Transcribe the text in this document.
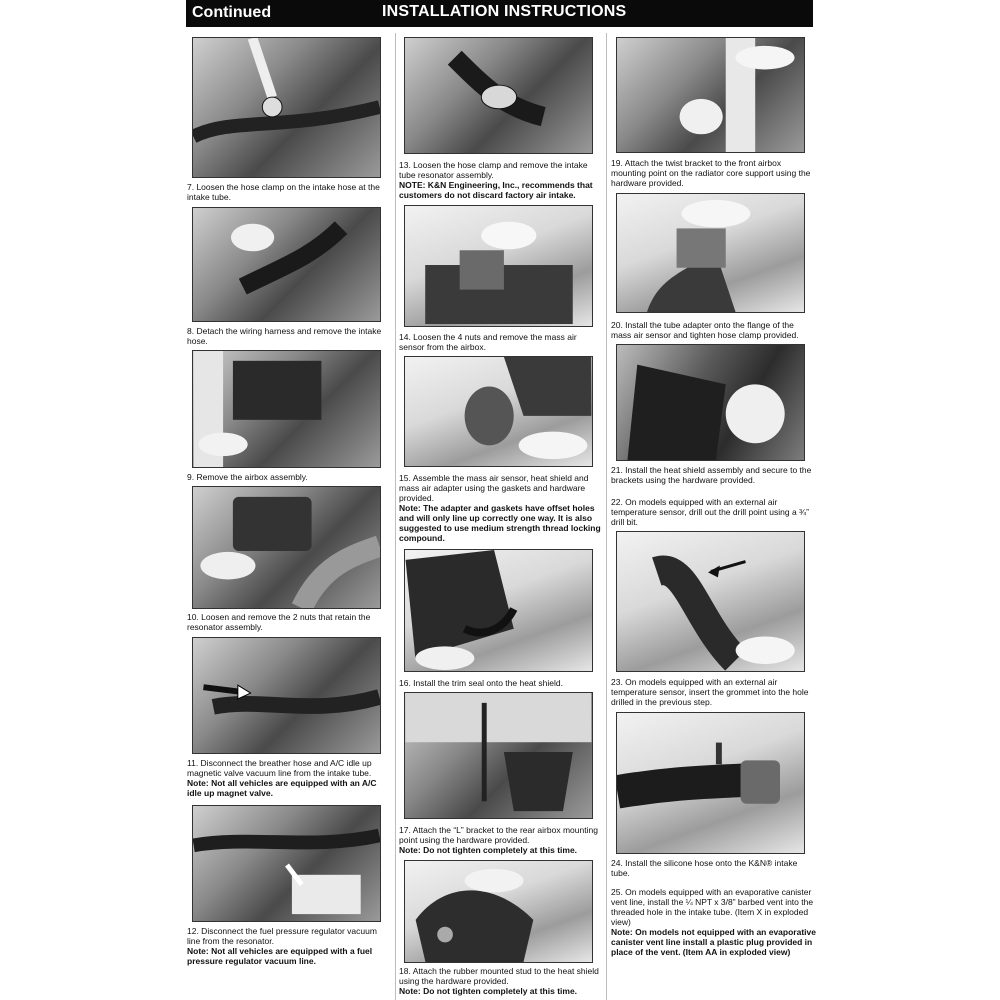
Continued	INSTALLATION INSTRUCTIONS
7. Loosen the hose clamp on the intake hose at the intake tube.
8. Detach the wiring harness and remove the intake hose.
9. Remove the airbox assembly.
10. Loosen and remove the 2 nuts that retain the resonator assembly.
11. Disconnect the breather hose and A/C idle up magnetic valve vacuum line from the intake tube.
Note: Not all vehicles are equipped with an A/C idle up magnet valve.
12. Disconnect the fuel pressure regulator vacuum line from the resonator.
Note: Not all vehicles are equipped with a fuel pressure regulator vacuum line.
13. Loosen the hose clamp and remove the intake tube resonator assembly.
NOTE: K&N Engineering, Inc., recommends that customers do not discard factory air intake.
14. Loosen the 4 nuts and remove the mass air sensor from the airbox.
15. Assemble the mass air sensor, heat shield and mass air adapter using the gaskets and hardware provided.
Note: The adapter and gaskets have offset holes and will only line up correctly one way. It is also suggested to use medium strength thread locking compound.
16. Install the trim seal onto the heat shield.
17. Attach the “L” bracket to the rear airbox mounting point using the hardware provided.
Note: Do not tighten completely at this time.
18. Attach the rubber mounted stud to the heat shield using the hardware provided.
Note: Do not tighten completely at this time.
19. Attach the twist bracket to the front airbox mounting point on the radiator core support using the hardware provided.
20. Install the tube adapter onto the flange of the mass air sensor and tighten hose clamp provided.
21. Install the heat shield assembly and secure to the brackets using the hardware provided.
22. On models equipped with an external air temperature sensor, drill out the drill point using a ¾” drill bit.
23. On models equipped with an external air temperature sensor, insert the grommet into the hole drilled in the previous step.
24. Install the silicone hose onto the K&N® intake tube.
25. On models equipped with an evaporative canister vent line, install the ¼ NPT x 3/8” barbed vent into the threaded hole in the intake tube. (Item X in exploded view)
Note: On models not equipped with an evaporative canister vent line install a plastic plug provided in place of the vent. (Item AA in exploded view)
